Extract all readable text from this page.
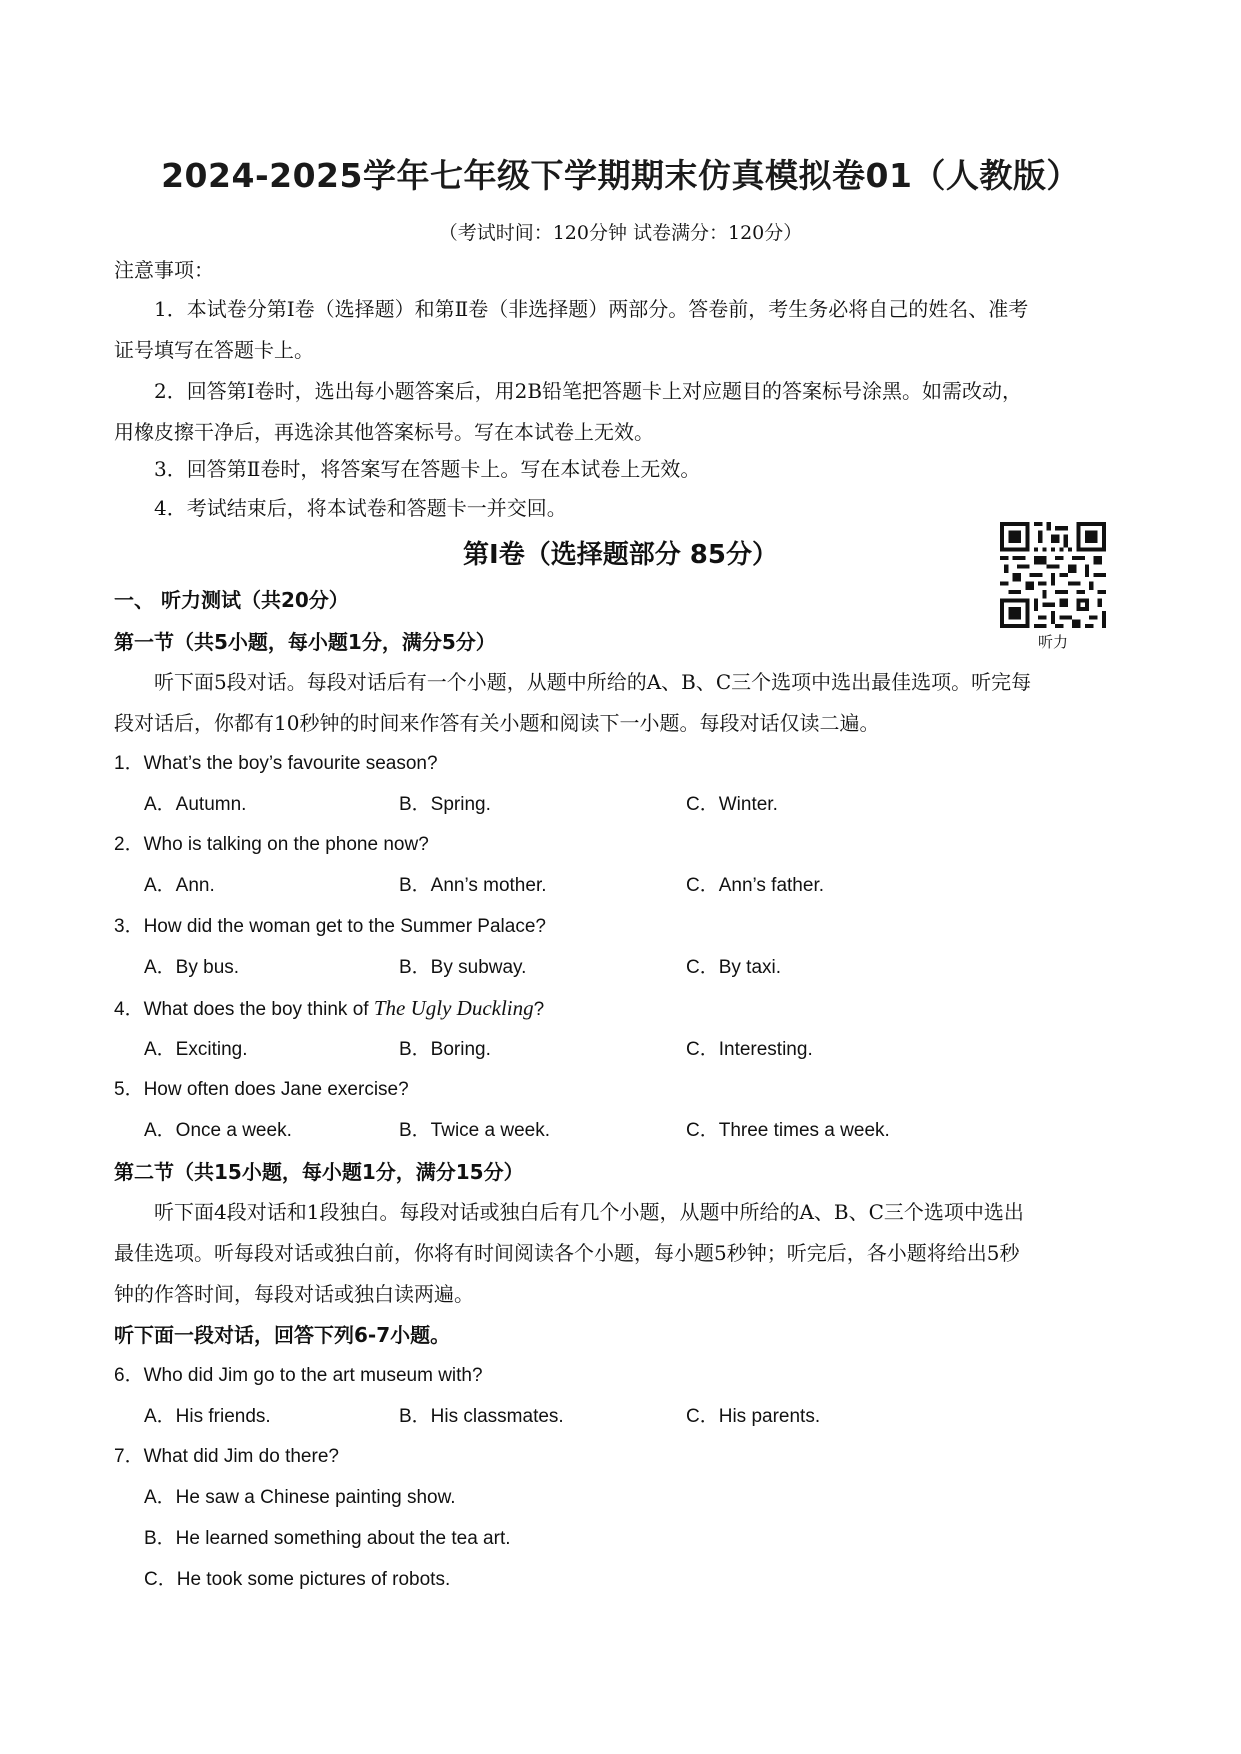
2024-2025学年七年级下学期期末仿真模拟卷01（人教版）
（考试时间：120分钟 试卷满分：120分）
注意事项：
1．本试卷分第Ⅰ卷（选择题）和第Ⅱ卷（非选择题）两部分。答卷前，考生务必将自己的姓名、准考
证号填写在答题卡上。
2．回答第Ⅰ卷时，选出每小题答案后，用2B铅笔把答题卡上对应题目的答案标号涂黑。如需改动，
用橡皮擦干净后，再选涂其他答案标号。写在本试卷上无效。
3．回答第Ⅱ卷时，将答案写在答题卡上。写在本试卷上无效。
4．考试结束后，将本试卷和答题卡一并交回。
第Ⅰ卷（选择题部分 85分）
听力
一、 听力测试（共20分）
第一节（共5小题，每小题1分，满分5分）
听下面5段对话。每段对话后有一个小题，从题中所给的A、B、C三个选项中选出最佳选项。听完每
段对话后，你都有10秒钟的时间来作答有关小题和阅读下一小题。每段对话仅读二遍。
1．What’s the boy’s favourite season?
A．Autumn.	B．Spring.	C．Winter.
2．Who is talking on the phone now?
A．Ann.	B．Ann’s mother.	C．Ann’s father.
3．How did the woman get to the Summer Palace?
A．By bus.	B．By subway.	C．By taxi.
4．What does the boy think of The Ugly Duckling?
A．Exciting.	B．Boring.	C．Interesting.
5．How often does Jane exercise?
A．Once a week.	B．Twice a week.	C．Three times a week.
第二节（共15小题，每小题1分，满分15分）
听下面4段对话和1段独白。每段对话或独白后有几个小题，从题中所给的A、B、C三个选项中选出
最佳选项。听每段对话或独白前，你将有时间阅读各个小题，每小题5秒钟；听完后，各小题将给出5秒
钟的作答时间，每段对话或独白读两遍。
听下面一段对话，回答下列6-7小题。
6．Who did Jim go to the art museum with?
A．His friends.	B．His classmates.	C．His parents.
7．What did Jim do there?
A．He saw a Chinese painting show.
B．He learned something about the tea art.
C．He took some pictures of robots.
